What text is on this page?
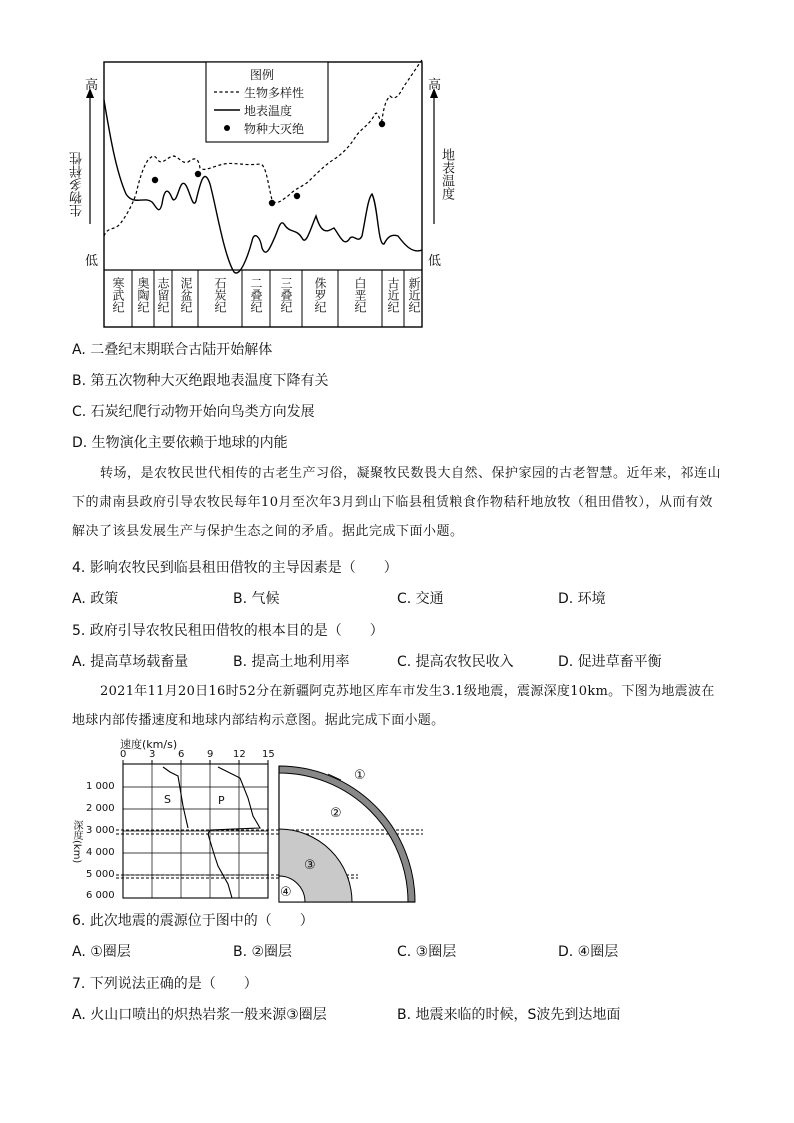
图例
生物多样性
地表温度
物种大灭绝
高
低
高
低
生物多样性	地表温度
寒武纪 奥陶纪 志留纪 泥盆纪 石炭纪 二叠纪 三叠纪 侏罗纪 白垩纪 古近纪 新近纪
A. 二叠纪末期联合古陆开始解体
B. 第五次物种大灭绝跟地表温度下降有关
C. 石炭纪爬行动物开始向鸟类方向发展
D. 生物演化主要依赖于地球的内能
转场，是农牧民世代相传的古老生产习俗，凝聚牧民数畏大自然、保护家园的古老智慧。近年来，祁连山下的肃南县政府引导农牧民每年10月至次年3月到山下临县租赁粮食作物秸秆地放牧（租田借牧），从而有效解决了该县发展生产与保护生态之间的矛盾。据此完成下面小题。
4. 影响农牧民到临县租田借牧的主导因素是（　　）
A. 政策	B. 气候	C. 交通	D. 环境
5. 政府引导农牧民租田借牧的根本目的是（　　）
A. 提高草场载畜量	B. 提高土地利用率	C. 提高农牧民收入	D. 促进草畜平衡
2021年11月20日16时52分在新疆阿克苏地区库车市发生3.1级地震，震源深度10km。下图为地震波在地球内部传播速度和地球内部结构示意图。据此完成下面小题。
速度(km/s)
0 3 6 9 12 15
1 000
2 000
3 000
4 000
5 000
6 000
深度(km)
S	P
①
②
③
④
6. 此次地震的震源位于图中的（　　）
A. ①圈层	B. ②圈层	C. ③圈层	D. ④圈层
7. 下列说法正确的是（　　）
A. 火山口喷出的炽热岩浆一般来源③圈层	B. 地震来临的时候，S波先到达地面
